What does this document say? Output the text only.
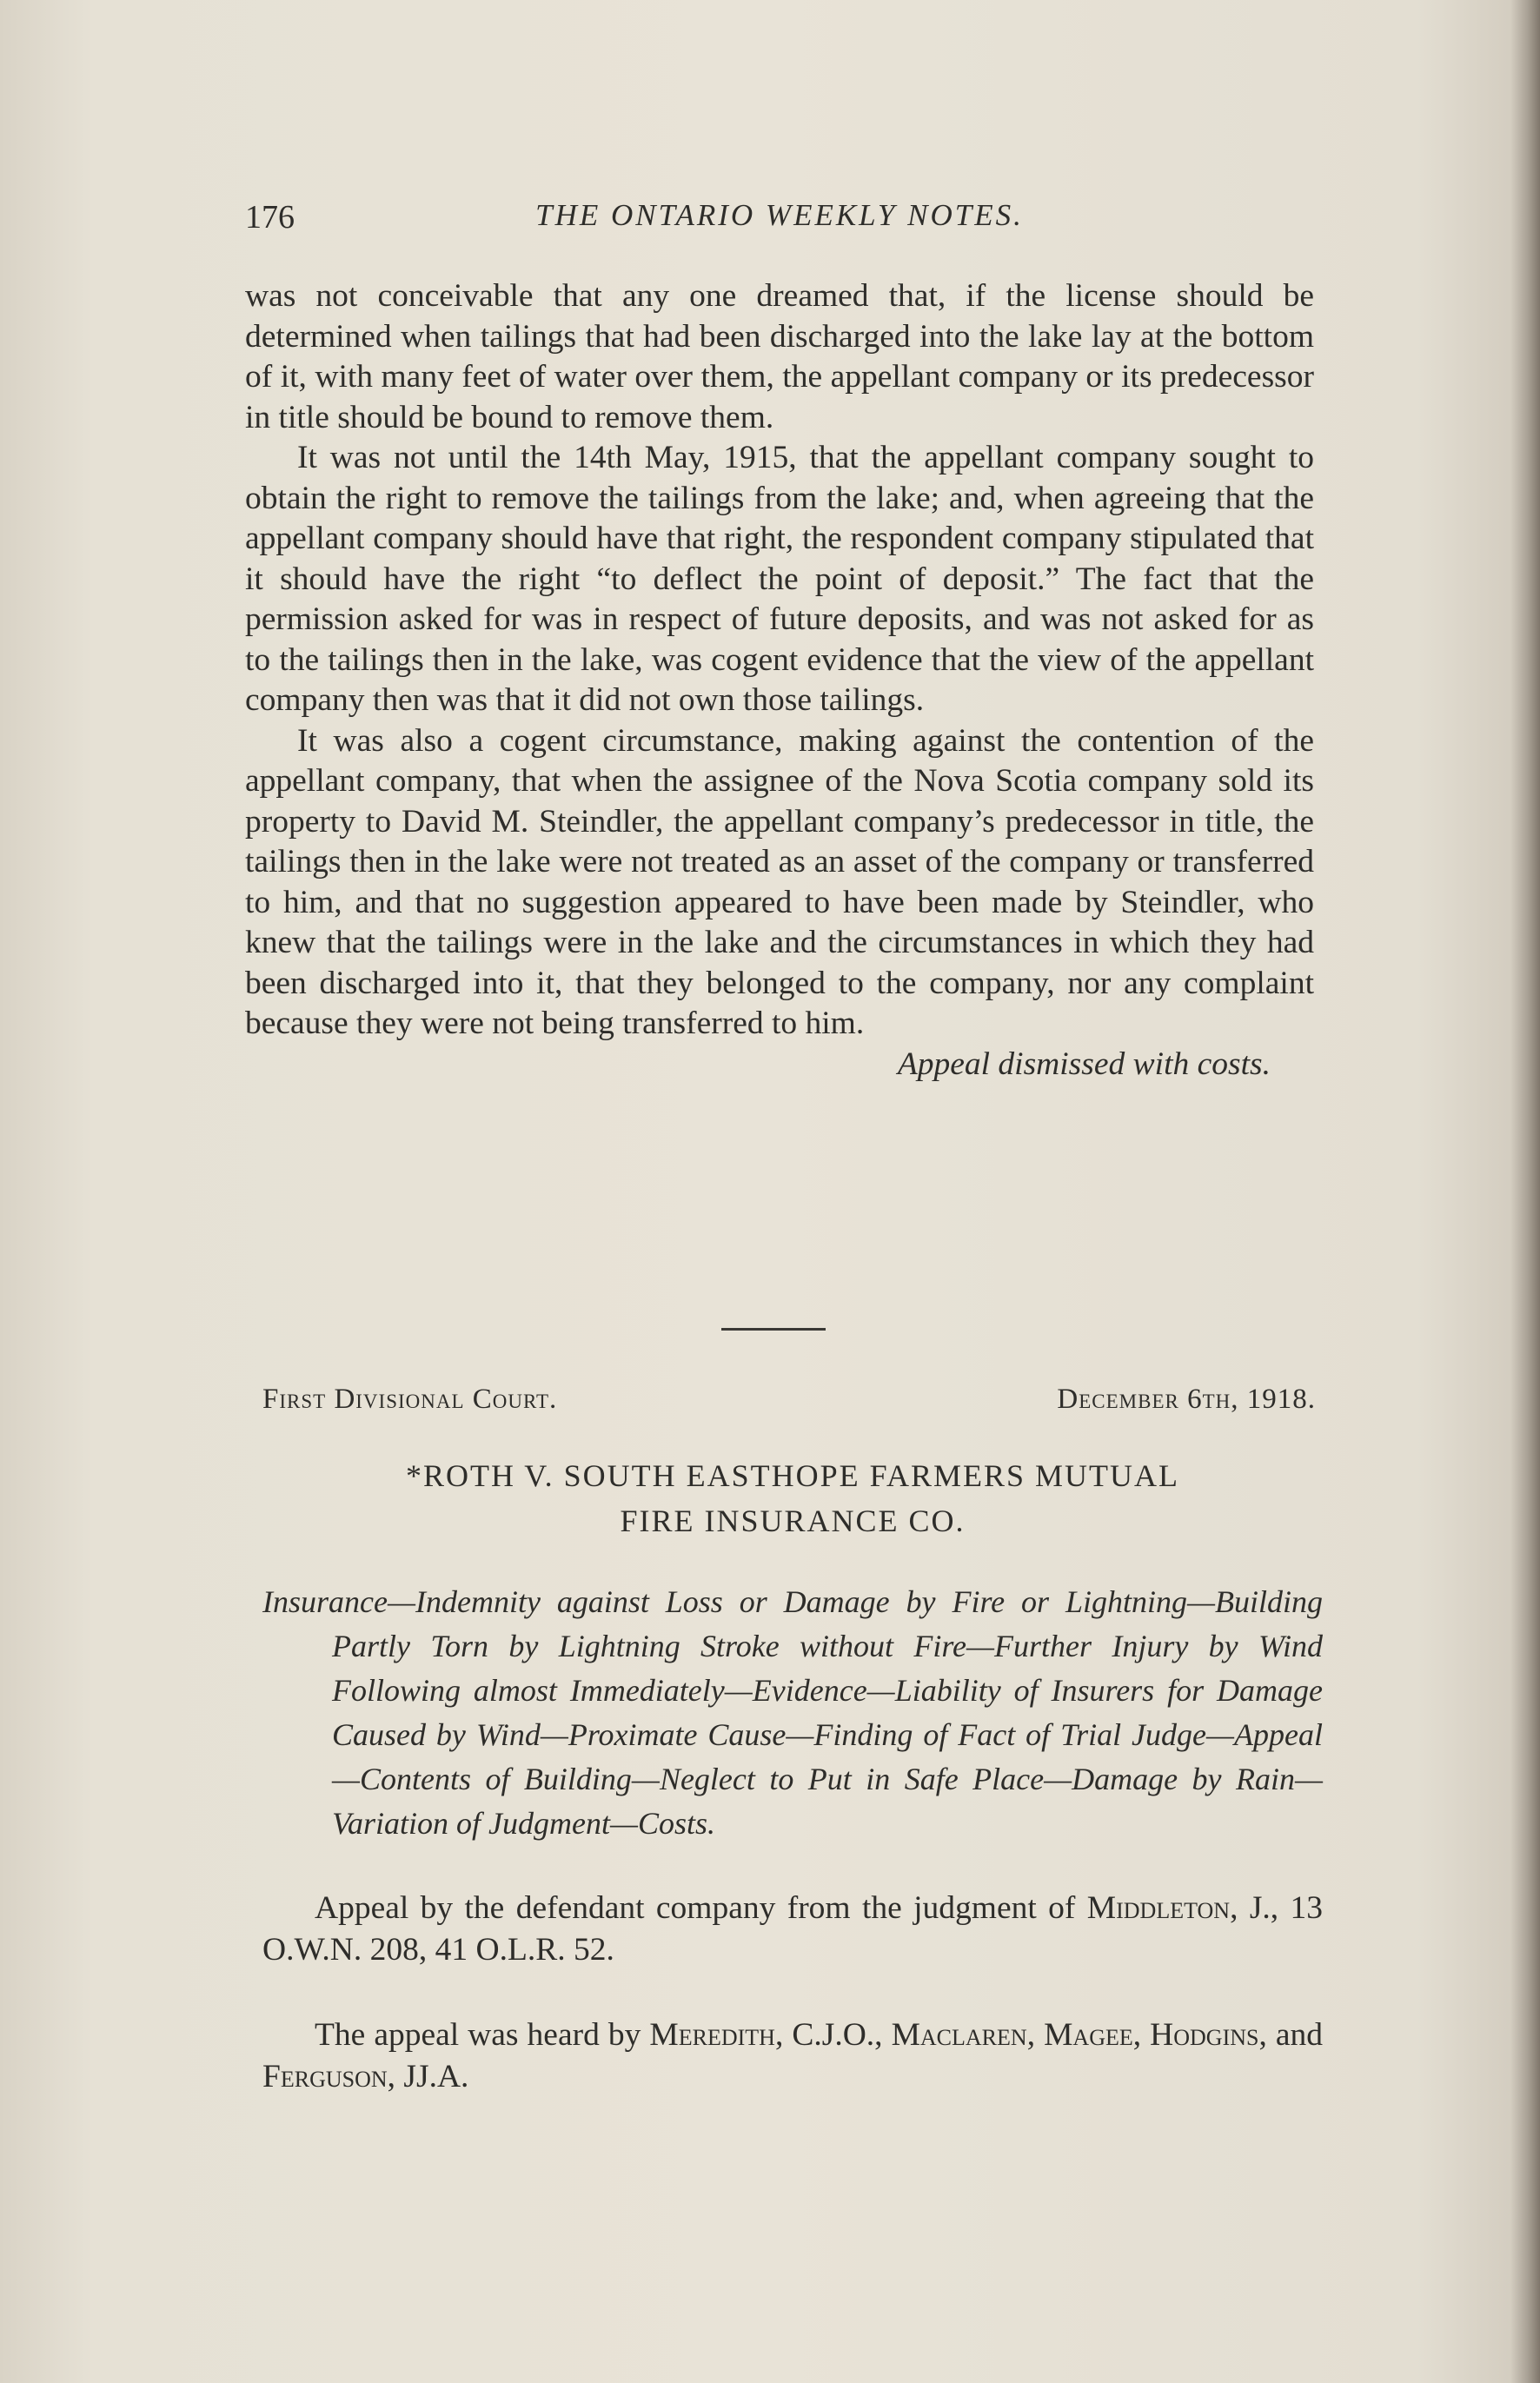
176	THE ONTARIO WEEKLY NOTES.

was not conceivable that any one dreamed that, if the license should be determined when tailings that had been discharged into the lake lay at the bottom of it, with many feet of water over them, the appellant company or its predecessor in title should be bound to remove them.

It was not until the 14th May, 1915, that the appellant company sought to obtain the right to remove the tailings from the lake; and, when agreeing that the appellant company should have that right, the respondent company stipulated that it should have the right “to deflect the point of deposit.” The fact that the permission asked for was in respect of future deposits, and was not asked for as to the tailings then in the lake, was cogent evidence that the view of the appellant company then was that it did not own those tailings.

It was also a cogent circumstance, making against the contention of the appellant company, that when the assignee of the Nova Scotia company sold its property to David M. Steindler, the appellant company’s predecessor in title, the tailings then in the lake were not treated as an asset of the company or transferred to him, and that no suggestion appeared to have been made by Steindler, who knew that the tailings were in the lake and the circumstances in which they had been discharged into it, that they belonged to the company, nor any complaint because they were not being transferred to him.

Appeal dismissed with costs.

First Divisional Court.	December 6th, 1918.
*ROTH V. SOUTH EASTHOPE FARMERS MUTUAL
FIRE INSURANCE CO.
Insurance—Indemnity against Loss or Damage by Fire or Lightning—Building Partly Torn by Lightning Stroke without Fire—Further Injury by Wind Following almost Immediately—Evidence—Liability of Insurers for Damage Caused by Wind—Proximate Cause—Finding of Fact of Trial Judge—Appeal—Contents of Building—Neglect to Put in Safe Place—Damage by Rain—Variation of Judgment—Costs.

Appeal by the defendant company from the judgment of Middleton, J., 13 O.W.N. 208, 41 O.L.R. 52.

The appeal was heard by Meredith, C.J.O., Maclaren, Magee, Hodgins, and Ferguson, JJ.A.
